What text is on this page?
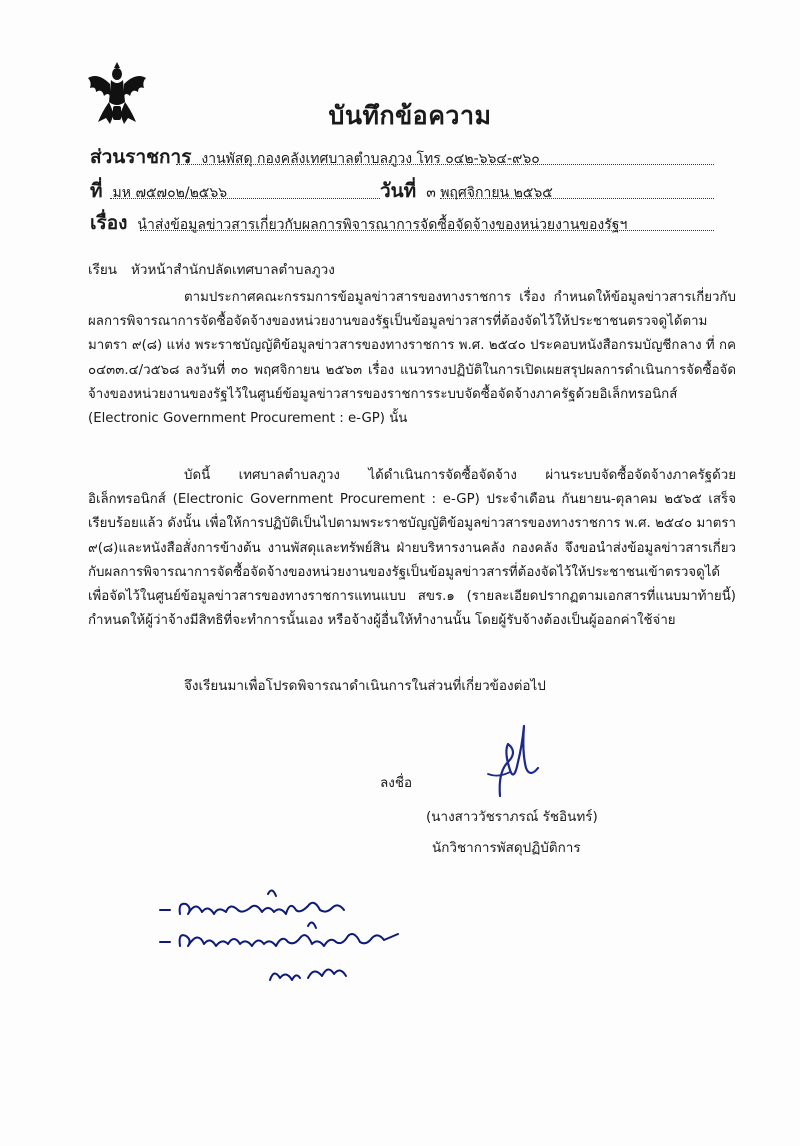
บันทึกข้อความ
ส่วนราชการ งานพัสดุ กองคลังเทศบาลตำบลภูวง โทร ๐๔๒-๖๖๔-๙๖๐
ที่ มห ๗๕๗๐๒/๒๕๖๖	วันที่ ๓ พฤศจิกายน ๒๕๖๕
เรื่อง นำส่งข้อมูลข่าวสารเกี่ยวกับผลการพิจารณาการจัดซื้อจัดจ้างของหน่วยงานของรัฐฯ
เรียน หัวหน้าสำนักปลัดเทศบาลตำบลภูวง

ตามประกาศคณะกรรมการข้อมูลข่าวสารของทางราชการ เรื่อง กำหนดให้ข้อมูลข่าวสารเกี่ยวกับผลการพิจารณาการจัดซื้อจัดจ้างของหน่วยงานของรัฐเป็นข้อมูลข่าวสารที่ต้องจัดไว้ให้ประชาชนตรวจดูได้ตามมาตรา ๙(๘) แห่ง พระราชบัญญัติข้อมูลข่าวสารของทางราชการ พ.ศ. ๒๕๔๐ ประคอบหนังสือกรมบัญชีกลาง ที่ กค ๐๔๓๓.๔/ว๕๖๘ ลงวันที่ ๓๐ พฤศจิกายน ๒๕๖๓ เรื่อง แนวทางปฏิบัติในการเปิดเผยสรุปผลการดำเนินการจัดซื้อจัดจ้างของหน่วยงานของรัฐไว้ในศูนย์ข้อมูลข่าวสารของราชการระบบจัดซื้อจัดจ้างภาครัฐด้วยอิเล็กทรอนิกส์ (Electronic Government Procurement : e-GP) นั้น

บัดนี้ เทศบาลตำบลภูวง ได้ดำเนินการจัดซื้อจัดจ้าง ผ่านระบบจัดซื้อจัดจ้างภาครัฐด้วยอิเล็กทรอนิกส์ (Electronic Government Procurement : e-GP) ประจำเดือน กันยายน-ตุลาคม ๒๕๖๕ เสร็จเรียบร้อยแล้ว ดังนั้น เพื่อให้การปฏิบัติเป็นไปตามพระราชบัญญัติข้อมูลข่าวสารของทางราชการ พ.ศ. ๒๕๔๐ มาตรา ๙(๘)และหนังสือสั่งการข้างต้น งานพัสดุและทรัพย์สิน ฝ่ายบริหารงานคลัง กองคลัง จึงขอนำส่งข้อมูลข่าวสารเกี่ยวกับผลการพิจารณาการจัดซื้อจัดจ้างของหน่วยงานของรัฐเป็นข้อมูลข่าวสารที่ต้องจัดไว้ให้ประชาชนเข้าตรวจดูได้เพื่อจัดไว้ในศูนย์ข้อมูลข่าวสารของทางราชการแทนแบบ สขร.๑ (รายละเอียดปรากฏตามเอกสารที่แนบมาท้ายนี้) กำหนดให้ผู้ว่าจ้างมีสิทธิที่จะทำการนั้นเอง หรือจ้างผู้อื่นให้ทำงานนั้น โดยผู้รับจ้างต้องเป็นผู้ออกค่าใช้จ่าย

จึงเรียนมาเพื่อโปรดพิจารณาดำเนินการในส่วนที่เกี่ยวข้องต่อไป
ลงชื่อ
(นางสาววัชราภรณ์ รัชอินทร์)
นักวิชาการพัสดุปฏิบัติการ
